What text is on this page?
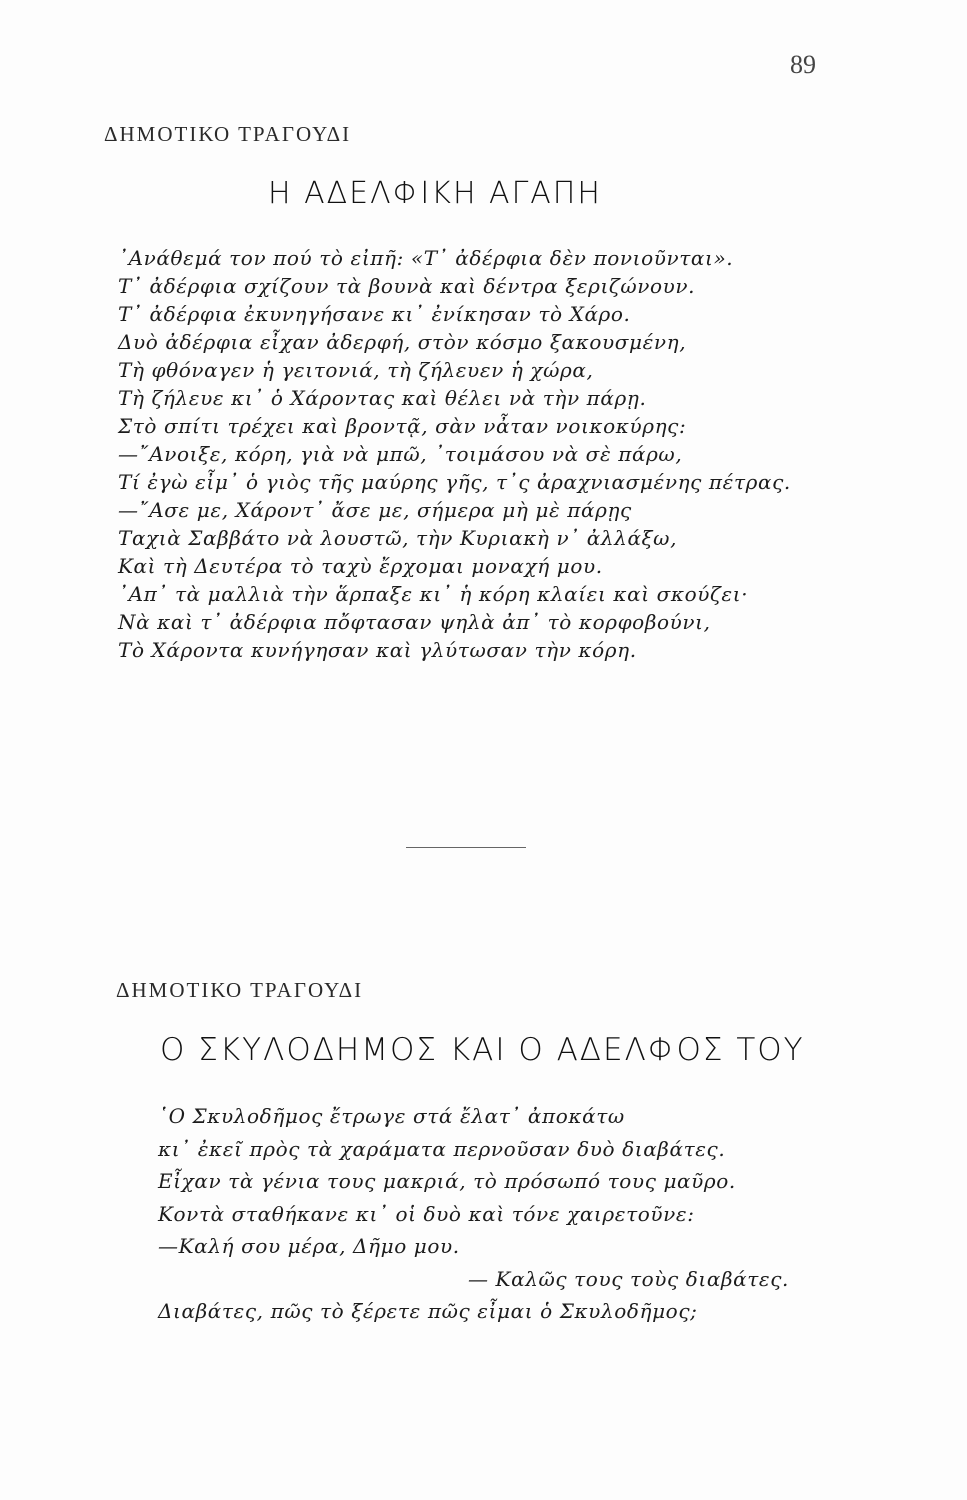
89
ΔΗΜΟΤΙΚΟ ΤΡΑΓΟΥΔΙ
Η ΑΔΕΛΦΙΚΗ ΑΓΑΠΗ
᾿Ανάθεμά τον πού τὸ εἰπῆ: «Τ᾿ ἀδέρφια δὲν πονιοῦνται».
Τ᾿ ἀδέρφια σχίζουν τὰ βουνὰ καὶ δέντρα ξεριζώνουν.
Τ᾿ ἀδέρφια ἐκυνηγήσανε κι᾿ ἐνίκησαν τὸ Χάρο.
Δυὸ ἀδέρφια εἶχαν ἀδερφή, στὸν κόσμο ξακουσμένη,
Τὴ φθόναγεν ἡ γειτονιά, τὴ ζήλευεν ἡ χώρα,
Τὴ ζήλευε κι᾿ ὁ Χάροντας καὶ θέλει νὰ τὴν πάρῃ.
Στὸ σπίτι τρέχει καὶ βροντᾷ, σὰν νἆταν νοικοκύρης:
—῎Ανοιξε, κόρη, γιὰ νὰ μπῶ, ᾿τοιμάσου νὰ σὲ πάρω,
Τί ἐγὼ εἶμ᾿ ὁ γιὸς τῆς μαύρης γῆς, τ᾿ς ἀραχνιασμένης πέτρας.
—῎Ασε με, Χάροντ᾿ ἄσε με, σήμερα μὴ μὲ πάρῃς
Ταχιὰ Σαββάτο νὰ λουστῶ, τὴν Κυριακὴ ν᾿ ἀλλάξω,
Καὶ τὴ Δευτέρα τὸ ταχὺ ἔρχομαι μοναχή μου.
᾿Απ᾿ τὰ μαλλιὰ τὴν ἅρπαξε κι᾿ ἡ κόρη κλαίει καὶ σκούζει·
Νὰ καὶ τ᾿ ἀδέρφια πὄφτασαν ψηλὰ ἀπ᾿ τὸ κορφοβούνι,
Τὸ Χάροντα κυνήγησαν καὶ γλύτωσαν τὴν κόρη.
ΔΗΜΟΤΙΚΟ ΤΡΑΓΟΥΔΙ
Ο ΣΚΥΛΟΔΗΜΟΣ ΚΑΙ Ο ΑΔΕΛΦΟΣ ΤΟΥ
῾Ο Σκυλοδῆμος ἔτρωγε στά ἔλατ᾿ ἀποκάτω
κι᾿ ἐκεῖ πρὸς τὰ χαράματα περνοῦσαν δυὸ διαβάτες.
Εἶχαν τὰ γένια τους μακριά, τὸ πρόσωπό τους μαῦρο.
Κοντὰ σταθήκανε κι᾿ οἱ δυὸ καὶ τόνε χαιρετοῦνε:
—Καλή σου μέρα, Δῆμο μου.
— Καλῶς τους τοὺς διαβάτες.
Διαβάτες, πῶς τὸ ξέρετε πῶς εἶμαι ὁ Σκυλοδῆμος;
